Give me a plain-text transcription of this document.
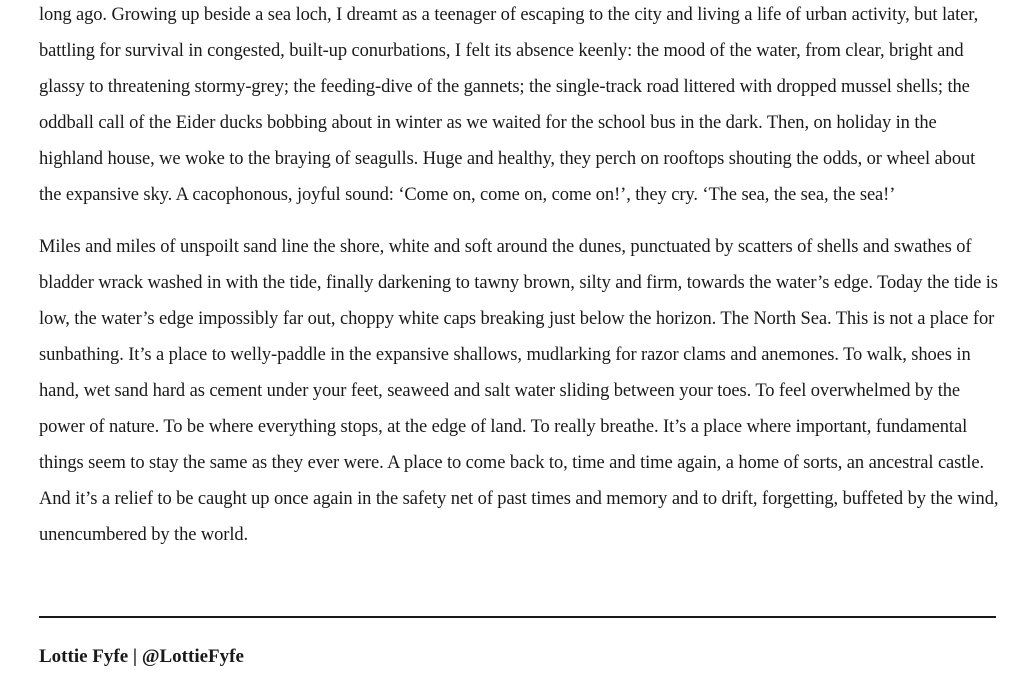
long ago. Growing up beside a sea loch, I dreamt as a teenager of escaping to the city and living a life of urban activity, but later, battling for survival in congested, built-up conurbations, I felt its absence keenly: the mood of the water, from clear, bright and glassy to threatening stormy-grey; the feeding-dive of the gannets; the single-track road littered with dropped mussel shells; the oddball call of the Eider ducks bobbing about in winter as we waited for the school bus in the dark. Then, on holiday in the highland house, we woke to the braying of seagulls. Huge and healthy, they perch on rooftops shouting the odds, or wheel about the expansive sky. A cacophonous, joyful sound: ‘Come on, come on, come on!’, they cry. ‘The sea, the sea, the sea!’

Miles and miles of unspoilt sand line the shore, white and soft around the dunes, punctuated by scatters of shells and swathes of bladder wrack washed in with the tide, finally darkening to tawny brown, silty and firm, towards the water’s edge. Today the tide is low, the water’s edge impossibly far out, choppy white caps breaking just below the horizon. The North Sea. This is not a place for sunbathing. It’s a place to welly-paddle in the expansive shallows, mudlarking for razor clams and anemones. To walk, shoes in hand, wet sand hard as cement under your feet, seaweed and salt water sliding between your toes. To feel overwhelmed by the power of nature. To be where everything stops, at the edge of land. To really breathe. It’s a place where important, fundamental things seem to stay the same as they ever were. A place to come back to, time and time again, a home of sorts, an ancestral castle. And it’s a relief to be caught up once again in the safety net of past times and memory and to drift, forgetting, buffeted by the wind, unencumbered by the world.

Lottie Fyfe | @LottieFyfe
